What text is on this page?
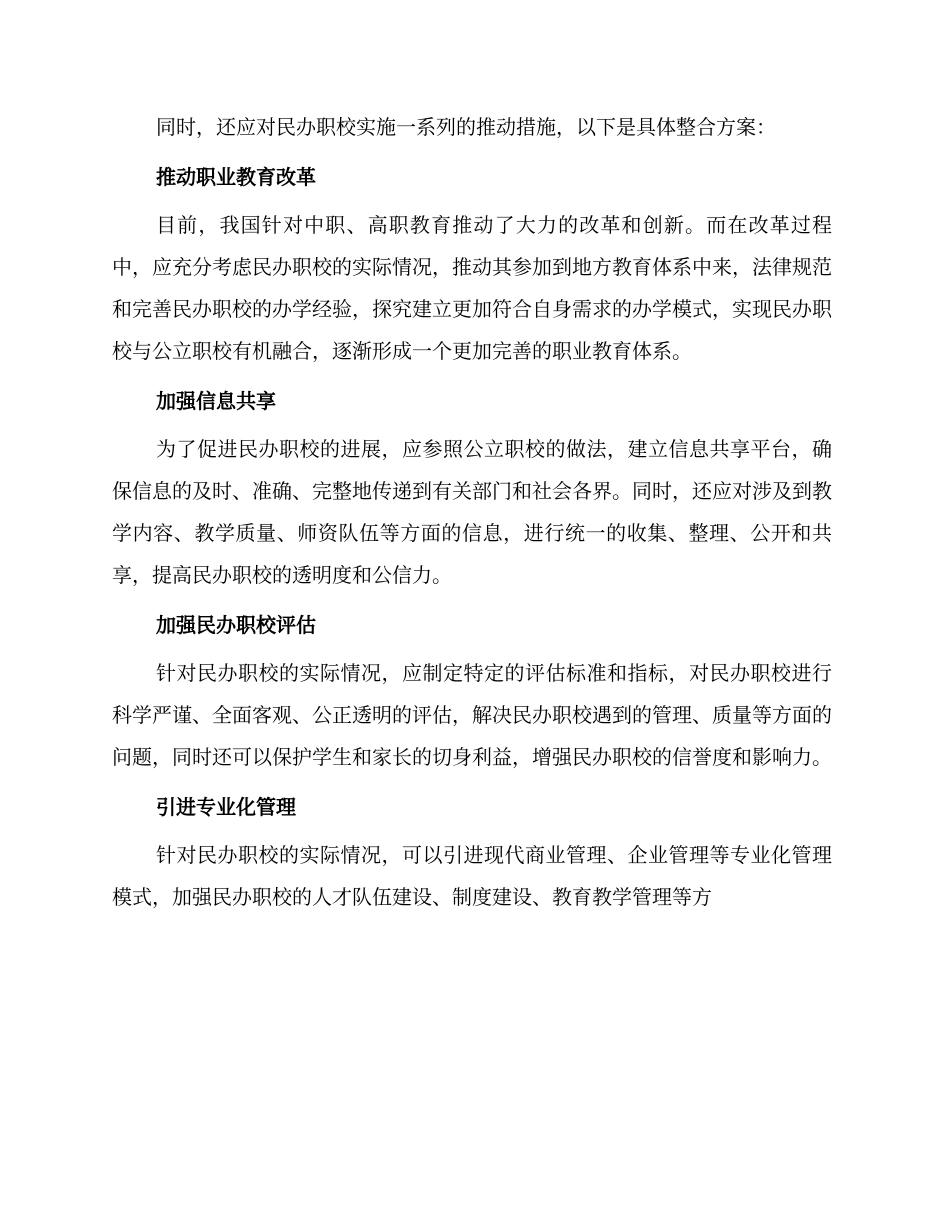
同时，还应对民办职校实施一系列的推动措施，以下是具体整合方案：

推动职业教育改革

目前，我国针对中职、高职教育推动了大力的改革和创新。而在改革过程中，应充分考虑民办职校的实际情况，推动其参加到地方教育体系中来，法律规范和完善民办职校的办学经验，探究建立更加符合自身需求的办学模式，实现民办职校与公立职校有机融合，逐渐形成一个更加完善的职业教育体系。

加强信息共享

为了促进民办职校的进展，应参照公立职校的做法，建立信息共享平台，确保信息的及时、准确、完整地传递到有关部门和社会各界。同时，还应对涉及到教学内容、教学质量、师资队伍等方面的信息，进行统一的收集、整理、公开和共享，提高民办职校的透明度和公信力。

加强民办职校评估

针对民办职校的实际情况，应制定特定的评估标准和指标，对民办职校进行科学严谨、全面客观、公正透明的评估，解决民办职校遇到的管理、质量等方面的问题，同时还可以保护学生和家长的切身利益，增强民办职校的信誉度和影响力。

引进专业化管理

针对民办职校的实际情况，可以引进现代商业管理、企业管理等专业化管理模式，加强民办职校的人才队伍建设、制度建设、教育教学管理等方
